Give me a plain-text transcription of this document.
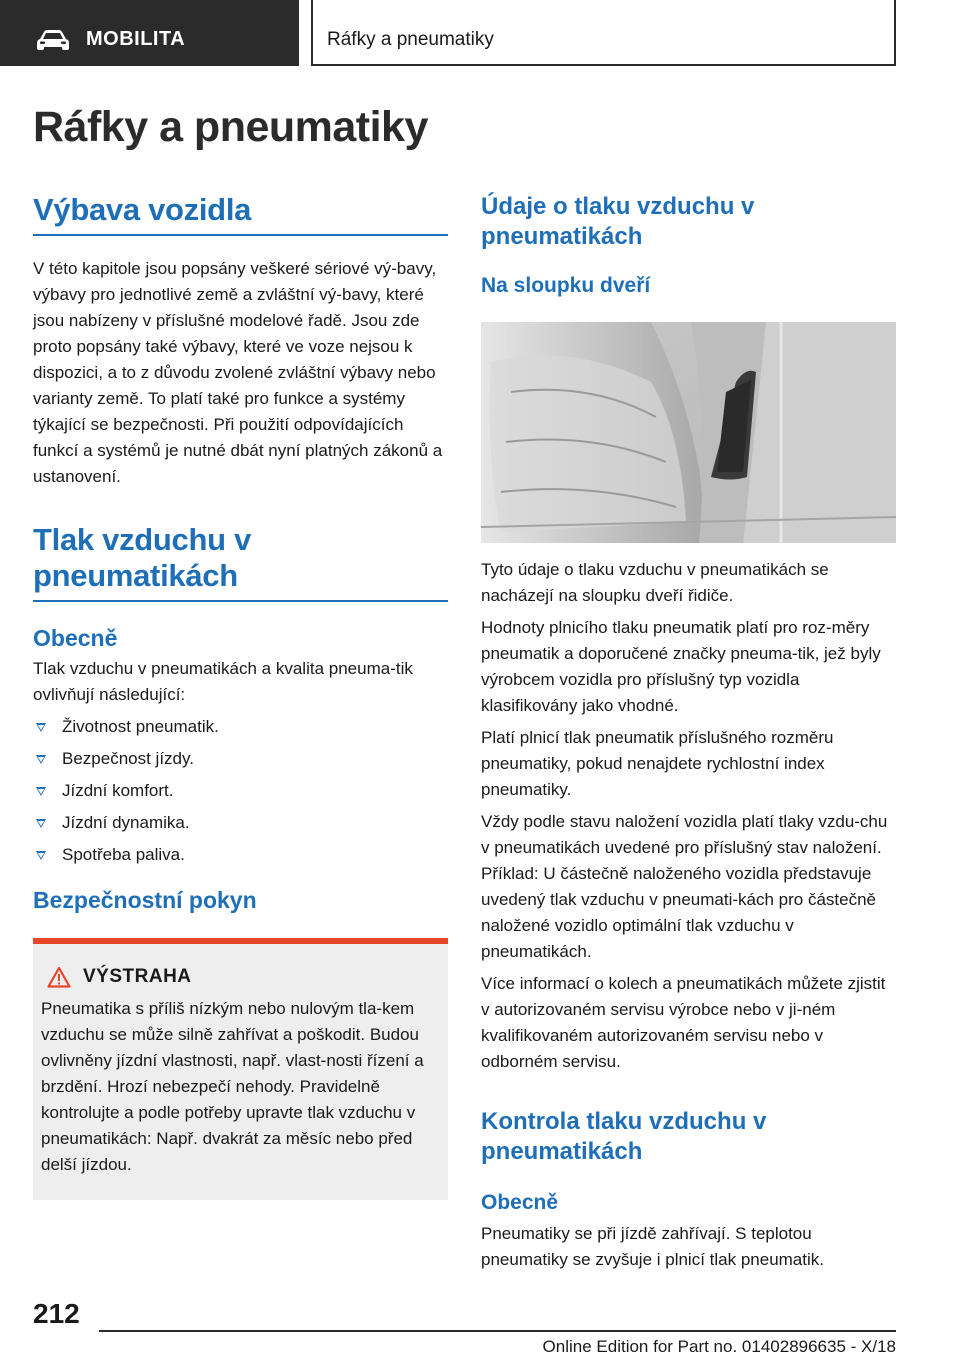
MOBILITA	Ráfky a pneumatiky
Ráfky a pneumatiky
Výbava vozidla

V této kapitole jsou popsány veškeré sériové vý-bavy, výbavy pro jednotlivé země a zvláštní vý-bavy, které jsou nabízeny v příslušné modelové řadě. Jsou zde proto popsány také výbavy, které ve voze nejsou k dispozici, a to z důvodu zvolené zvláštní výbavy nebo varianty země. To platí také pro funkce a systémy týkající se bezpečnosti. Při použití odpovídajících funkcí a systémů je nutné dbát nyní platných zákonů a ustanovení.

Tlak vzduchu v pneumatikách
Obecně

Tlak vzduchu v pneumatikách a kvalita pneuma-tik ovlivňují následující:

Životnost pneumatik.
Bezpečnost jízdy.
Jízdní komfort.
Jízdní dynamika.
Spotřeba paliva.
Bezpečnostní pokyn
VÝSTRAHA

Pneumatika s příliš nízkým nebo nulovým tla-kem vzduchu se může silně zahřívat a poškodit. Budou ovlivněny jízdní vlastnosti, např. vlast-nosti řízení a brzdění. Hrozí nebezpečí nehody. Pravidelně kontrolujte a podle potřeby upravte tlak vzduchu v pneumatikách: Např. dvakrát za měsíc nebo před delší jízdou.

Údaje o tlaku vzduchu v pneumatikách
Na sloupku dveří

Tyto údaje o tlaku vzduchu v pneumatikách se nacházejí na sloupku dveří řidiče.

Hodnoty plnicího tlaku pneumatik platí pro roz-měry pneumatik a doporučené značky pneuma-tik, jež byly výrobcem vozidla pro příslušný typ vozidla klasifikovány jako vhodné.

Platí plnicí tlak pneumatik příslušného rozměru pneumatiky, pokud nenajdete rychlostní index pneumatiky.

Vždy podle stavu naložení vozidla platí tlaky vzdu-chu v pneumatikách uvedené pro příslušný stav naložení. Příklad: U částečně naloženého vozidla představuje uvedený tlak vzduchu v pneumati-kách pro částečně naložené vozidlo optimální tlak vzduchu v pneumatikách.

Více informací o kolech a pneumatikách můžete zjistit v autorizovaném servisu výrobce nebo v ji-ném kvalifikovaném autorizovaném servisu nebo v odborném servisu.

Kontrola tlaku vzduchu v pneumatikách
Obecně

Pneumatiky se při jízdě zahřívají. S teplotou pneumatiky se zvyšuje i plnicí tlak pneumatik.

212
Online Edition for Part no. 01402896635 - X/18
